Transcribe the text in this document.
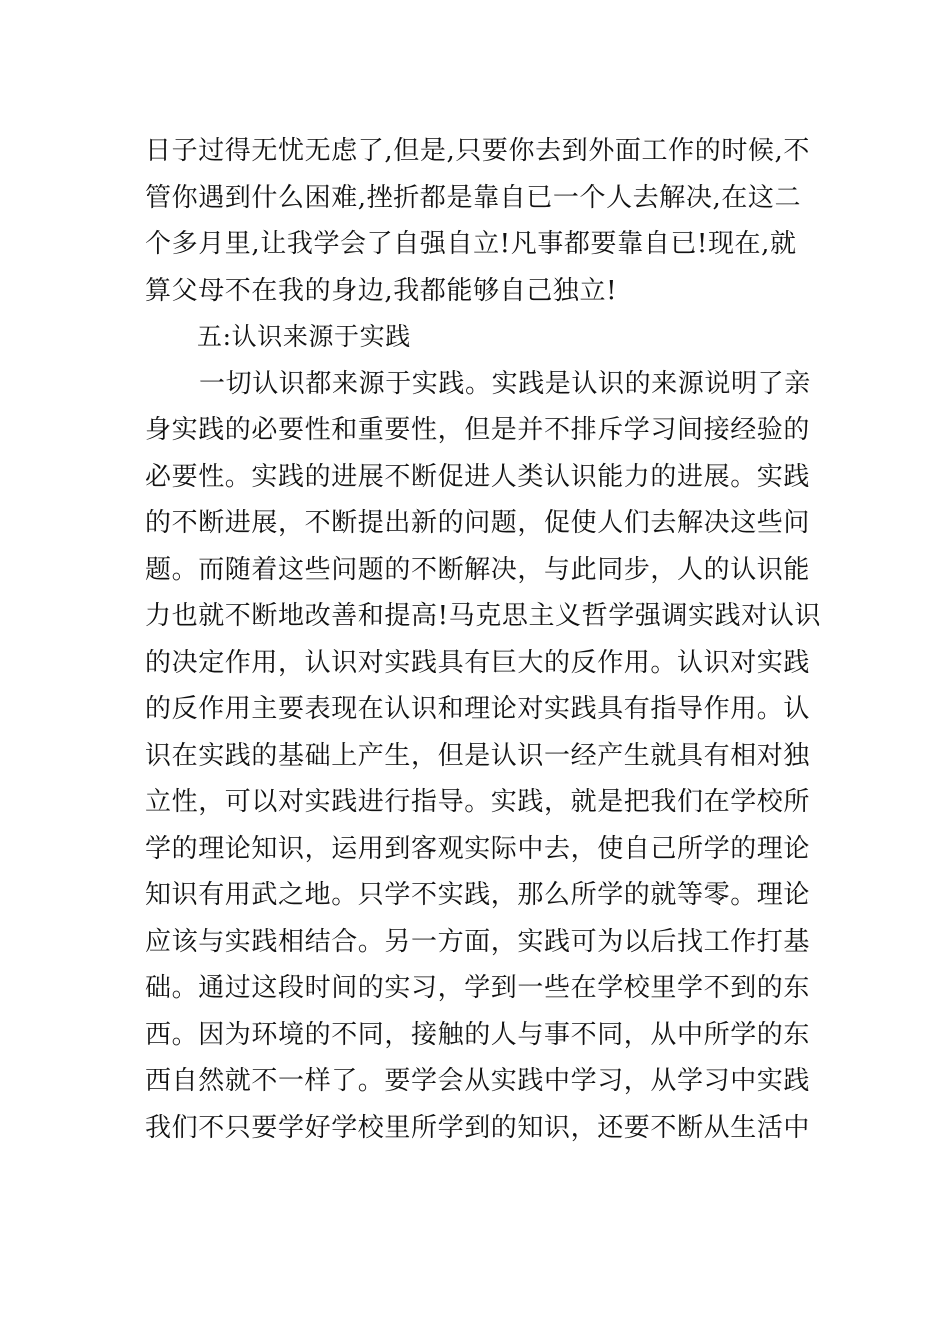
日子过得无忧无虑了,但是,只要你去到外面工作的时候,不
管你遇到什么困难,挫折都是靠自已一个人去解决,在这二
个多月里,让我学会了自强自立!凡事都要靠自已!现在,就
算父母不在我的身边,我都能够自己独立!
五:认识来源于实践
一切认识都来源于实践。实践是认识的来源说明了亲
身实践的必要性和重要性，但是并不排斥学习间接经验的
必要性。实践的进展不断促进人类认识能力的进展。实践
的不断进展，不断提出新的问题，促使人们去解决这些问
题。而随着这些问题的不断解决，与此同步，人的认识能
力也就不断地改善和提高!马克思主义哲学强调实践对认识
的决定作用，认识对实践具有巨大的反作用。认识对实践
的反作用主要表现在认识和理论对实践具有指导作用。认
识在实践的基础上产生，但是认识一经产生就具有相对独
立性，可以对实践进行指导。实践，就是把我们在学校所
学的理论知识，运用到客观实际中去，使自己所学的理论
知识有用武之地。只学不实践，那么所学的就等零。理论
应该与实践相结合。另一方面，实践可为以后找工作打基
础。通过这段时间的实习，学到一些在学校里学不到的东
西。因为环境的不同，接触的人与事不同，从中所学的东
西自然就不一样了。要学会从实践中学习，从学习中实践
我们不只要学好学校里所学到的知识，还要不断从生活中
